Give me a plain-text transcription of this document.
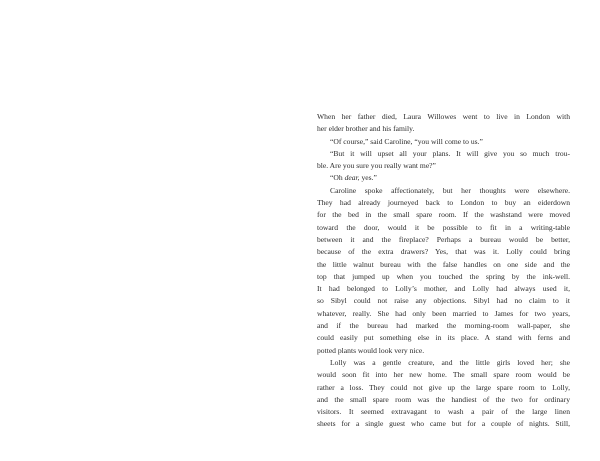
When her father died, Laura Willowes went to live in London with
her elder brother and his family.
“Of course,” said Caroline, “you will come to us.”
“But it will upset all your plans. It will give you so much trou-
ble. Are you sure you really want me?”
“Oh dear, yes.”
Caroline spoke affectionately, but her thoughts were elsewhere.
They had already journeyed back to London to buy an eiderdown
for the bed in the small spare room. If the washstand were moved
toward the door, would it be possible to fit in a writing-table
between it and the fireplace? Perhaps a bureau would be better,
because of the extra drawers? Yes, that was it. Lolly could bring
the little walnut bureau with the false handles on one side and the
top that jumped up when you touched the spring by the ink-well.
It had belonged to Lolly’s mother, and Lolly had always used it,
so Sibyl could not raise any objections. Sibyl had no claim to it
whatever, really. She had only been married to James for two years,
and if the bureau had marked the morning-room wall-paper, she
could easily put something else in its place. A stand with ferns and
potted plants would look very nice.
Lolly was a gentle creature, and the little girls loved her; she
would soon fit into her new home. The small spare room would be
rather a loss. They could not give up the large spare room to Lolly,
and the small spare room was the handiest of the two for ordinary
visitors. It seemed extravagant to wash a pair of the large linen
sheets for a single guest who came but for a couple of nights. Still,
